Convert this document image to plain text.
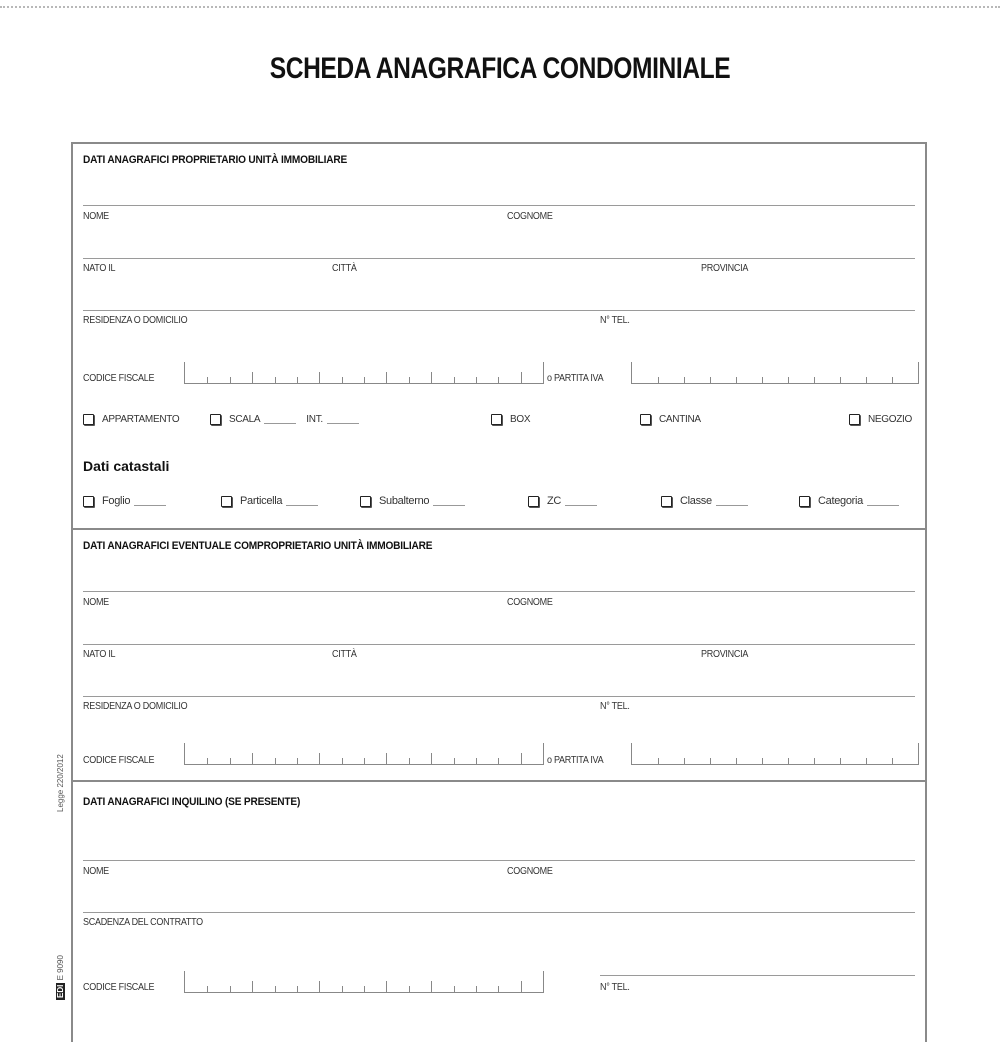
SCHEDA ANAGRAFICA CONDOMINIALE
Legge 220/2012
EDI E 9090
DATI ANAGRAFICI PROPRIETARIO UNITÀ IMMOBILIARE
NOME	COGNOME
NATO IL	CITTÀ	PROVINCIA
RESIDENZA O DOMICILIO	N° TEL.
CODICE FISCALE	o PARTITA IVA
APPARTAMENTO	SCALA	INT.	BOX	CANTINA	NEGOZIO
Dati catastali
Foglio	Particella	Subalterno	ZC	Classe	Categoria
DATI ANAGRAFICI EVENTUALE COMPROPRIETARIO UNITÀ IMMOBILIARE
NOME	COGNOME
NATO IL	CITTÀ	PROVINCIA
RESIDENZA O DOMICILIO	N° TEL.
CODICE FISCALE	o PARTITA IVA
DATI ANAGRAFICI INQUILINO (SE PRESENTE)
NOME	COGNOME
SCADENZA DEL CONTRATTO
CODICE FISCALE	N° TEL.
